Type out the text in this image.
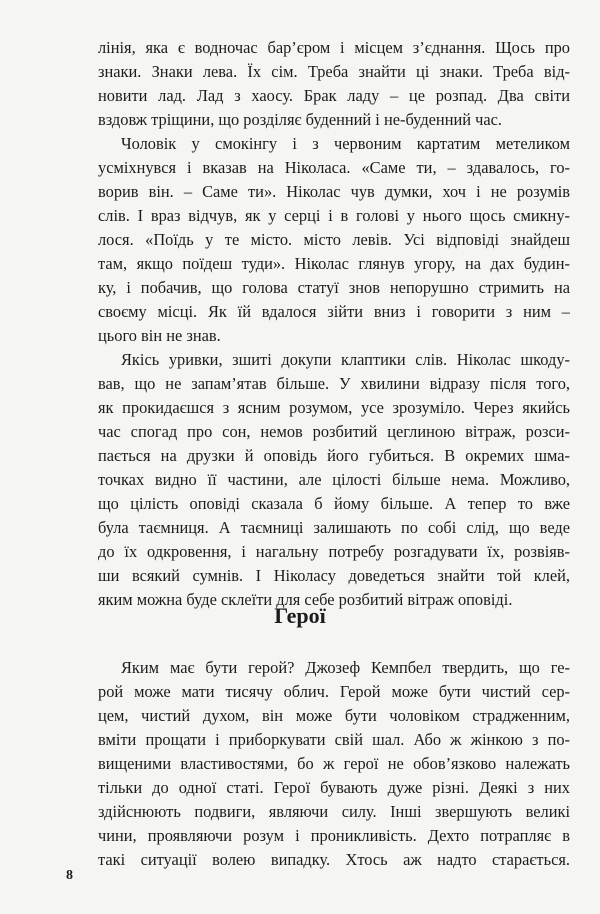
лінія, яка є водночас бар’єром і місцем з’єднання. Щось про
знаки. Знаки лева. Їх сім. Треба знайти ці знаки. Треба від-
новити лад. Лад з хаосу. Брак ладу – це розпад. Два світи
вздовж тріщини, що розділяє буденний і не-буденний час.
Чоловік у смокінгу і з червоним картатим метеликом
усміхнувся і вказав на Ніколаса. «Саме ти, – здавалось, го-
ворив він. – Саме ти». Ніколас чув думки, хоч і не розумів
слів. І враз відчув, як у серці і в голові у нього щось смикну-
лося. «Поїдь у те місто. місто левів. Усі відповіді знайдеш
там, якщо поїдеш туди». Ніколас глянув угору, на дах будин-
ку, і побачив, що голова статуї знов непорушно стримить на
своєму місці. Як їй вдалося зійти вниз і говорити з ним –
цього він не знав.
Якісь уривки, зшиті докупи клаптики слів. Ніколас шкоду-
вав, що не запам’ятав більше. У хвилини відразу після того,
як прокидаєшся з ясним розумом, усе зрозуміло. Через якийсь
час спогад про сон, немов розбитий цеглиною вітраж, розси-
пається на друзки й оповідь його губиться. В окремих шма-
точках видно її частини, але цілості більше нема. Можливо,
що цілість оповіді сказала б йому більше. А тепер то вже
була таємниця. А таємниці залишають по собі слід, що веде
до їх одкровення, і нагальну потребу розгадувати їх, розвіяв-
ши всякий сумнів. І Ніколасу доведеться знайти той клей,
яким можна буде склеїти для себе розбитий вітраж оповіді.
Герої
Яким має бути герой? Джозеф Кемпбел твердить, що ге-
рой може мати тисячу облич. Герой може бути чистий сер-
цем, чистий духом, він може бути чоловіком страдженним,
вміти прощати і приборкувати свій шал. Або ж жінкою з по-
вищеними властивостями, бо ж герої не обов’язково належать
тільки до одної статі. Герої бувають дуже різні. Деякі з них
здійснюють подвиги, являючи силу. Інші звершують великі
чини, проявляючи розум і проникливість. Дехто потрапляє в
такі ситуації волею випадку. Хтось аж надто старається.
8
